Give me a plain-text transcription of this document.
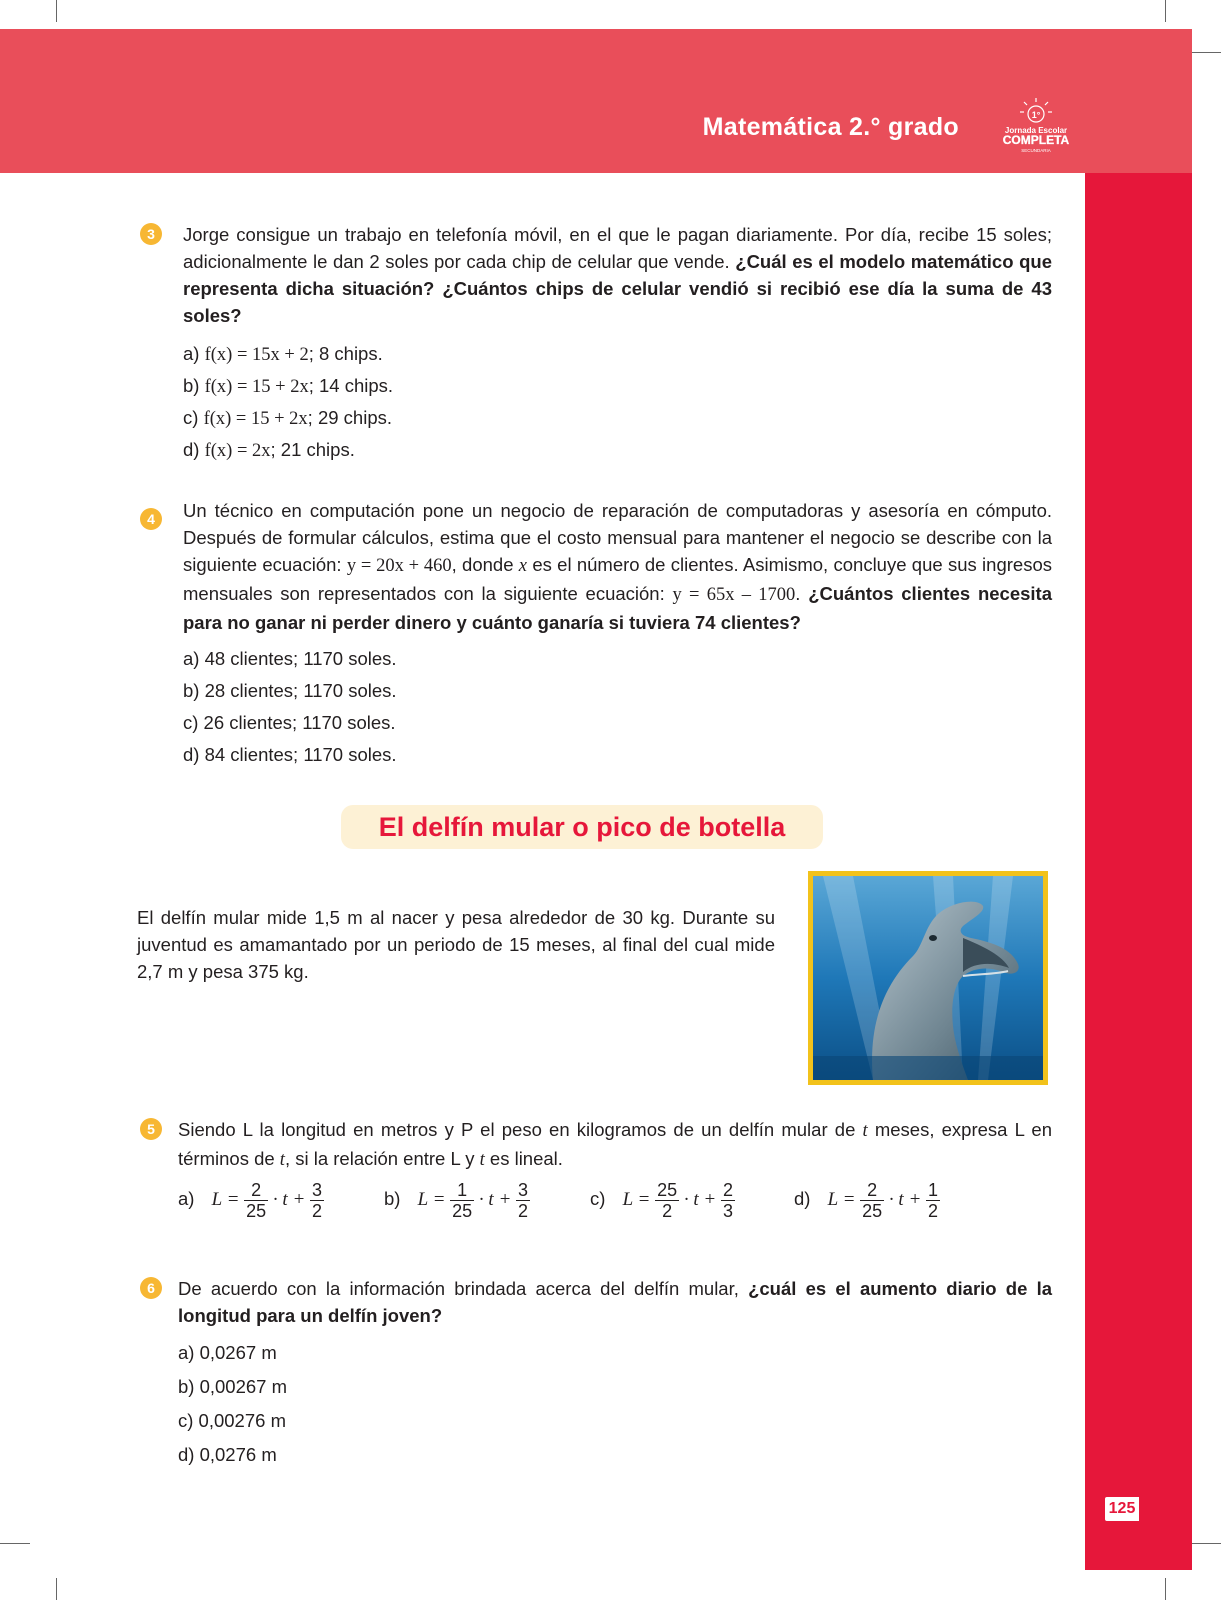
Matemática 2.° grado	1°
Jornada Escolar
COMPLETA
SECUNDARIA
125
3	Jorge consigue un trabajo en telefonía móvil, en el que le pagan diariamente. Por día, recibe 15 soles; adicionalmente le dan 2 soles por cada chip de celular que vende. ¿Cuál es el modelo matemático que representa dicha situación? ¿Cuántos chips de celular vendió si recibió ese día la suma de 43 soles?
a) f(x) = 15x + 2; 8 chips.
b) f(x) = 15 + 2x; 14 chips.
c) f(x) = 15 + 2x; 29 chips.
d) f(x) = 2x; 21 chips.
4	Un técnico en computación pone un negocio de reparación de computadoras y asesoría en cómputo. Después de formular cálculos, estima que el costo mensual para mantener el negocio se describe con la siguiente ecuación: y = 20x + 460, donde x es el número de clientes. Asimismo, concluye que sus ingresos mensuales son representados con la siguiente ecuación: y = 65x – 1700. ¿Cuántos clientes necesita para no ganar ni perder dinero y cuánto ganaría si tuviera 74 clientes?
a) 48 clientes; 1170 soles.
b) 28 clientes; 1170 soles.
c) 26 clientes; 1170 soles.
d) 84 clientes; 1170 soles.
El delfín mular o pico de botella
El delfín mular mide 1,5 m al nacer y pesa alrededor de 30 kg. Durante su juventud es amamantado por un periodo de 15 meses, al final del cual mide 2,7 m y pesa 375 kg.
5	Siendo L la longitud en metros y P el peso en kilogramos de un delfín mular de t meses, expresa L en términos de t, si la relación entre L y t es lineal.
a) $L = \frac{2}{25} \cdot t + \frac{3}{2}$	b) $L = \frac{1}{25} \cdot t + \frac{3}{2}$	c) $L = \frac{25}{2} \cdot t + \frac{2}{3}$	d) $L = \frac{2}{25} \cdot t + \frac{1}{2}$
6	De acuerdo con la información brindada acerca del delfín mular, ¿cuál es el aumento diario de la longitud para un delfín joven?
a) 0,0267 m
b) 0,00267 m
c) 0,00276 m
d) 0,0276 m
